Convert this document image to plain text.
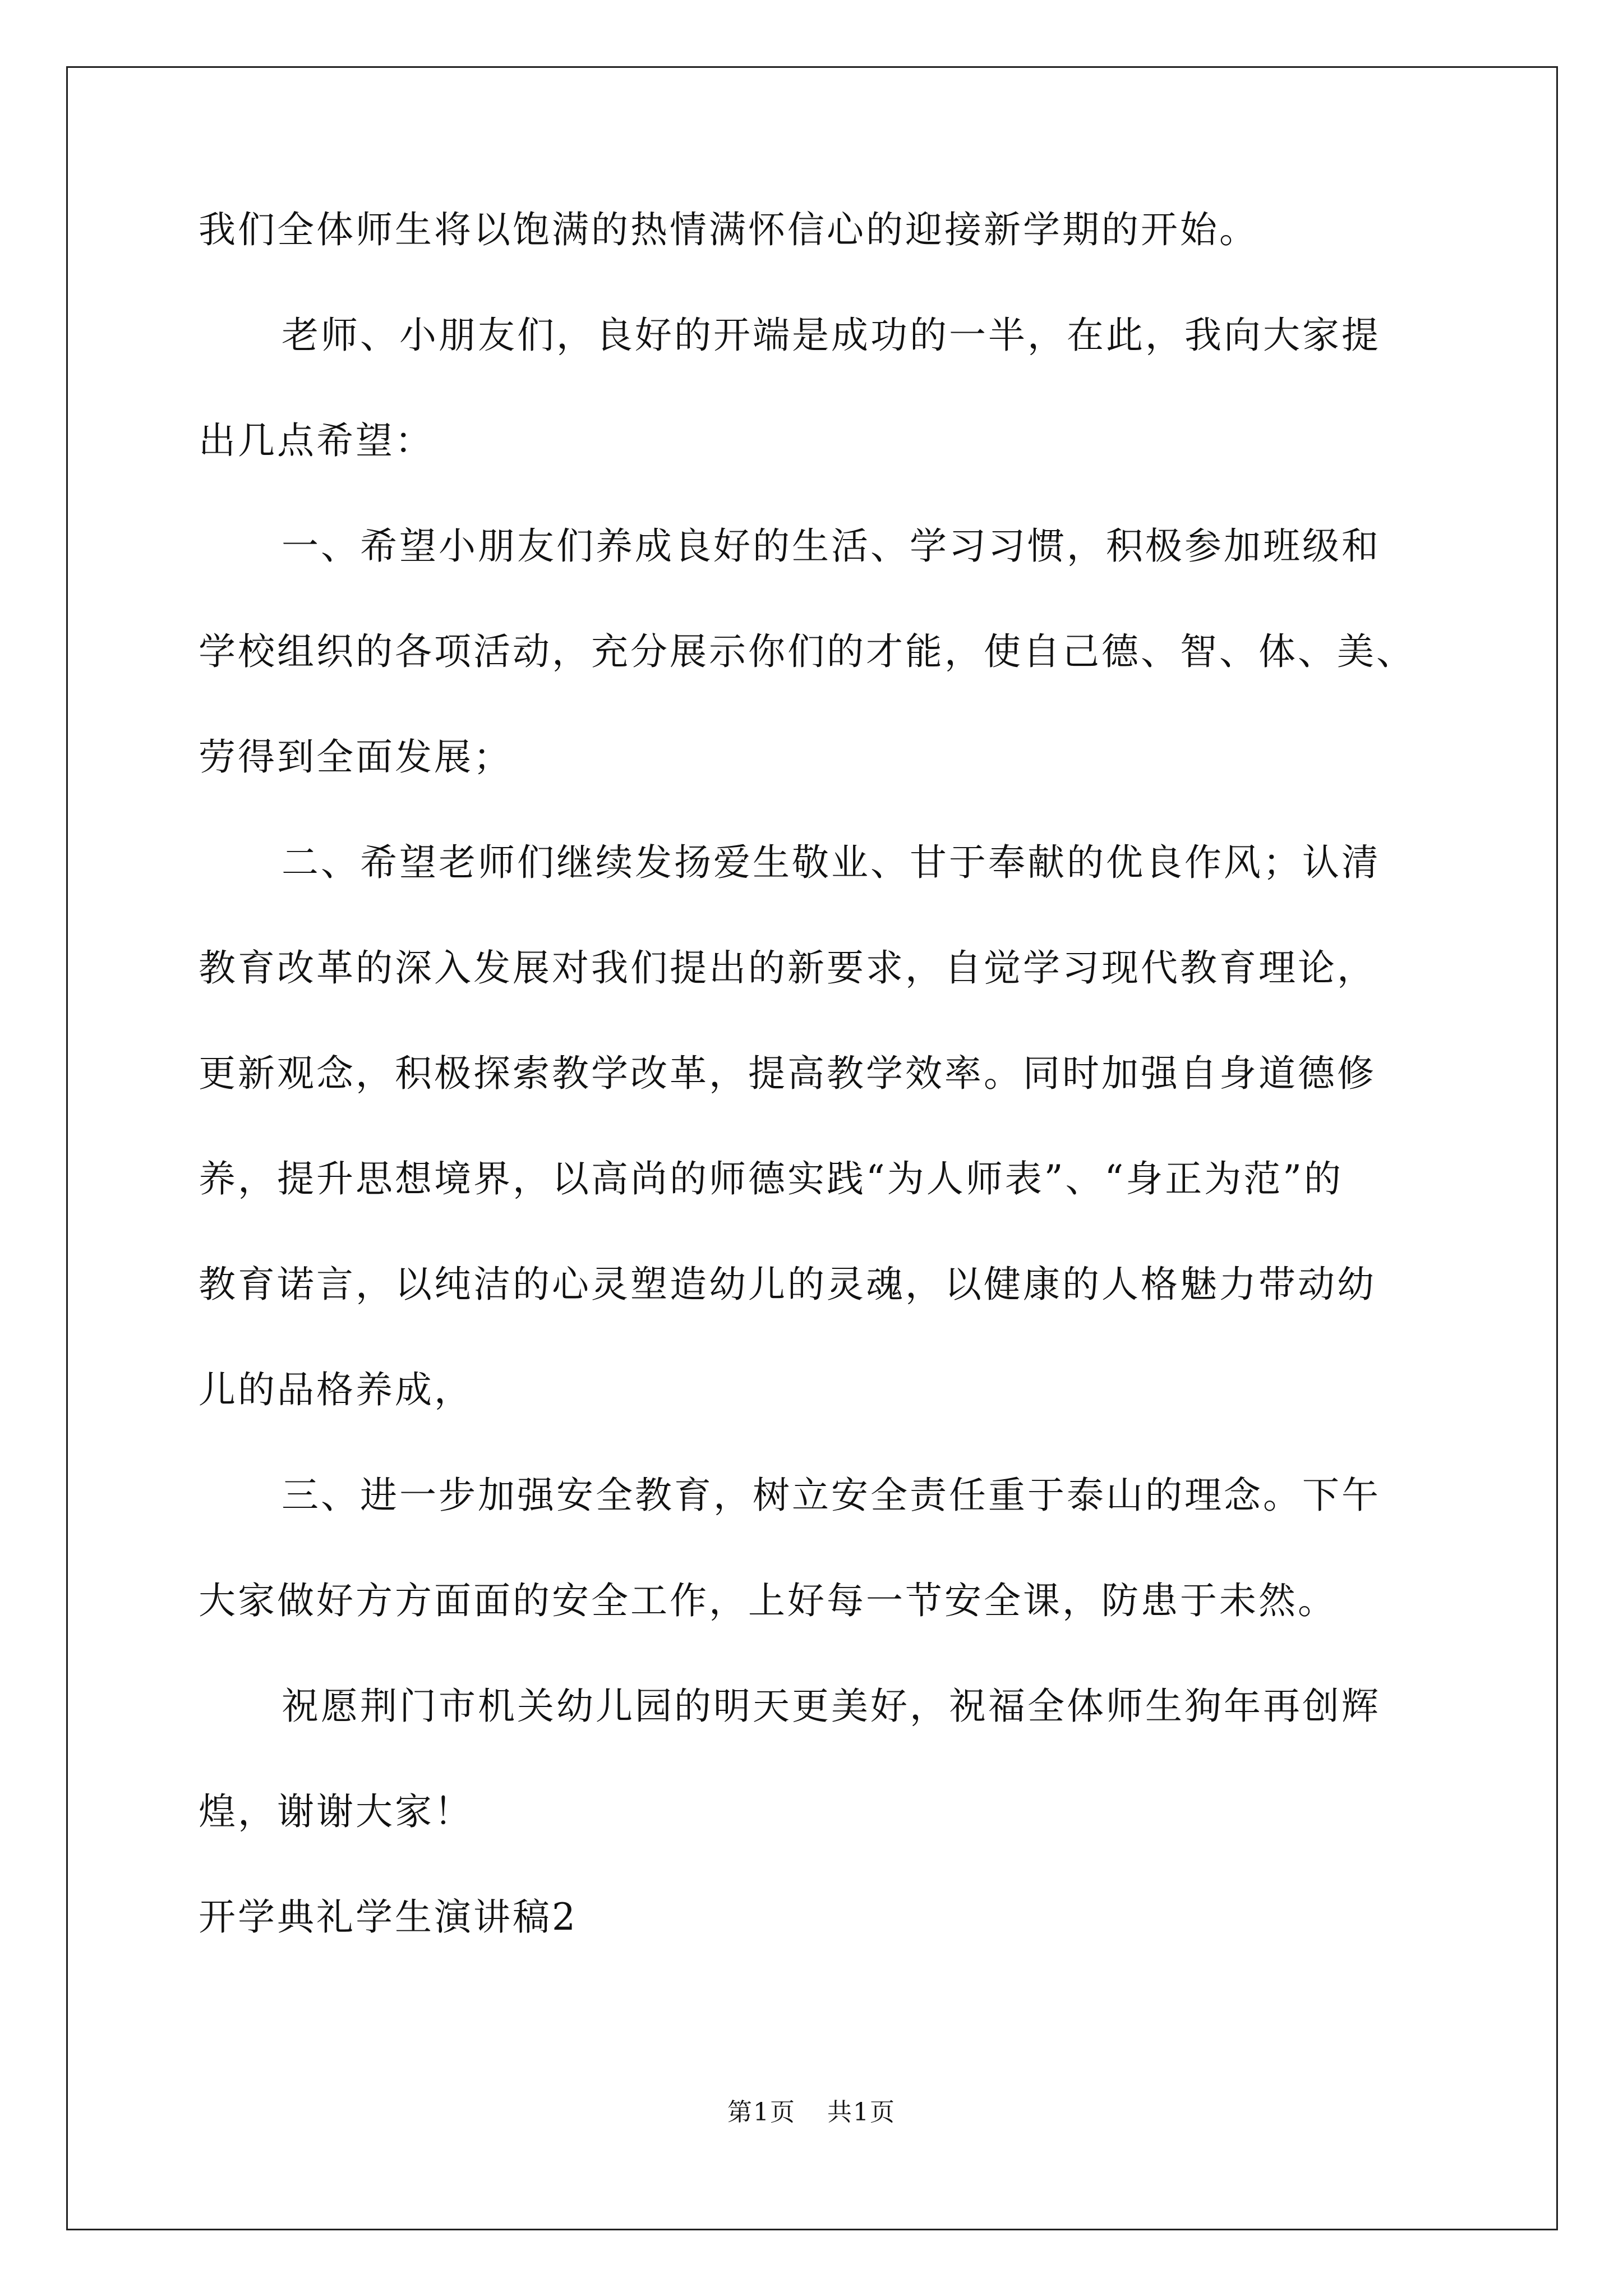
我们全体师生将以饱满的热情满怀信心的迎接新学期的开始。
老师、小朋友们，良好的开端是成功的一半，在此，我向大家提
出几点希望：
一、希望小朋友们养成良好的生活、学习习惯，积极参加班级和
学校组织的各项活动，充分展示你们的才能，使自己德、智、体、美、
劳得到全面发展；
二、希望老师们继续发扬爱生敬业、甘于奉献的优良作风；认清
教育改革的深入发展对我们提出的新要求，自觉学习现代教育理论，
更新观念，积极探索教学改革，提高教学效率。同时加强自身道德修
养，提升思想境界，以高尚的师德实践“为人师表”、“身正为范”的
教育诺言，以纯洁的心灵塑造幼儿的灵魂，以健康的人格魅力带动幼
儿的品格养成，
三、进一步加强安全教育，树立安全责任重于泰山的理念。下午
大家做好方方面面的安全工作，上好每一节安全课，防患于未然。
祝愿荆门市机关幼儿园的明天更美好，祝福全体师生狗年再创辉
煌，谢谢大家！
开学典礼学生演讲稿2
第1页 共1页
